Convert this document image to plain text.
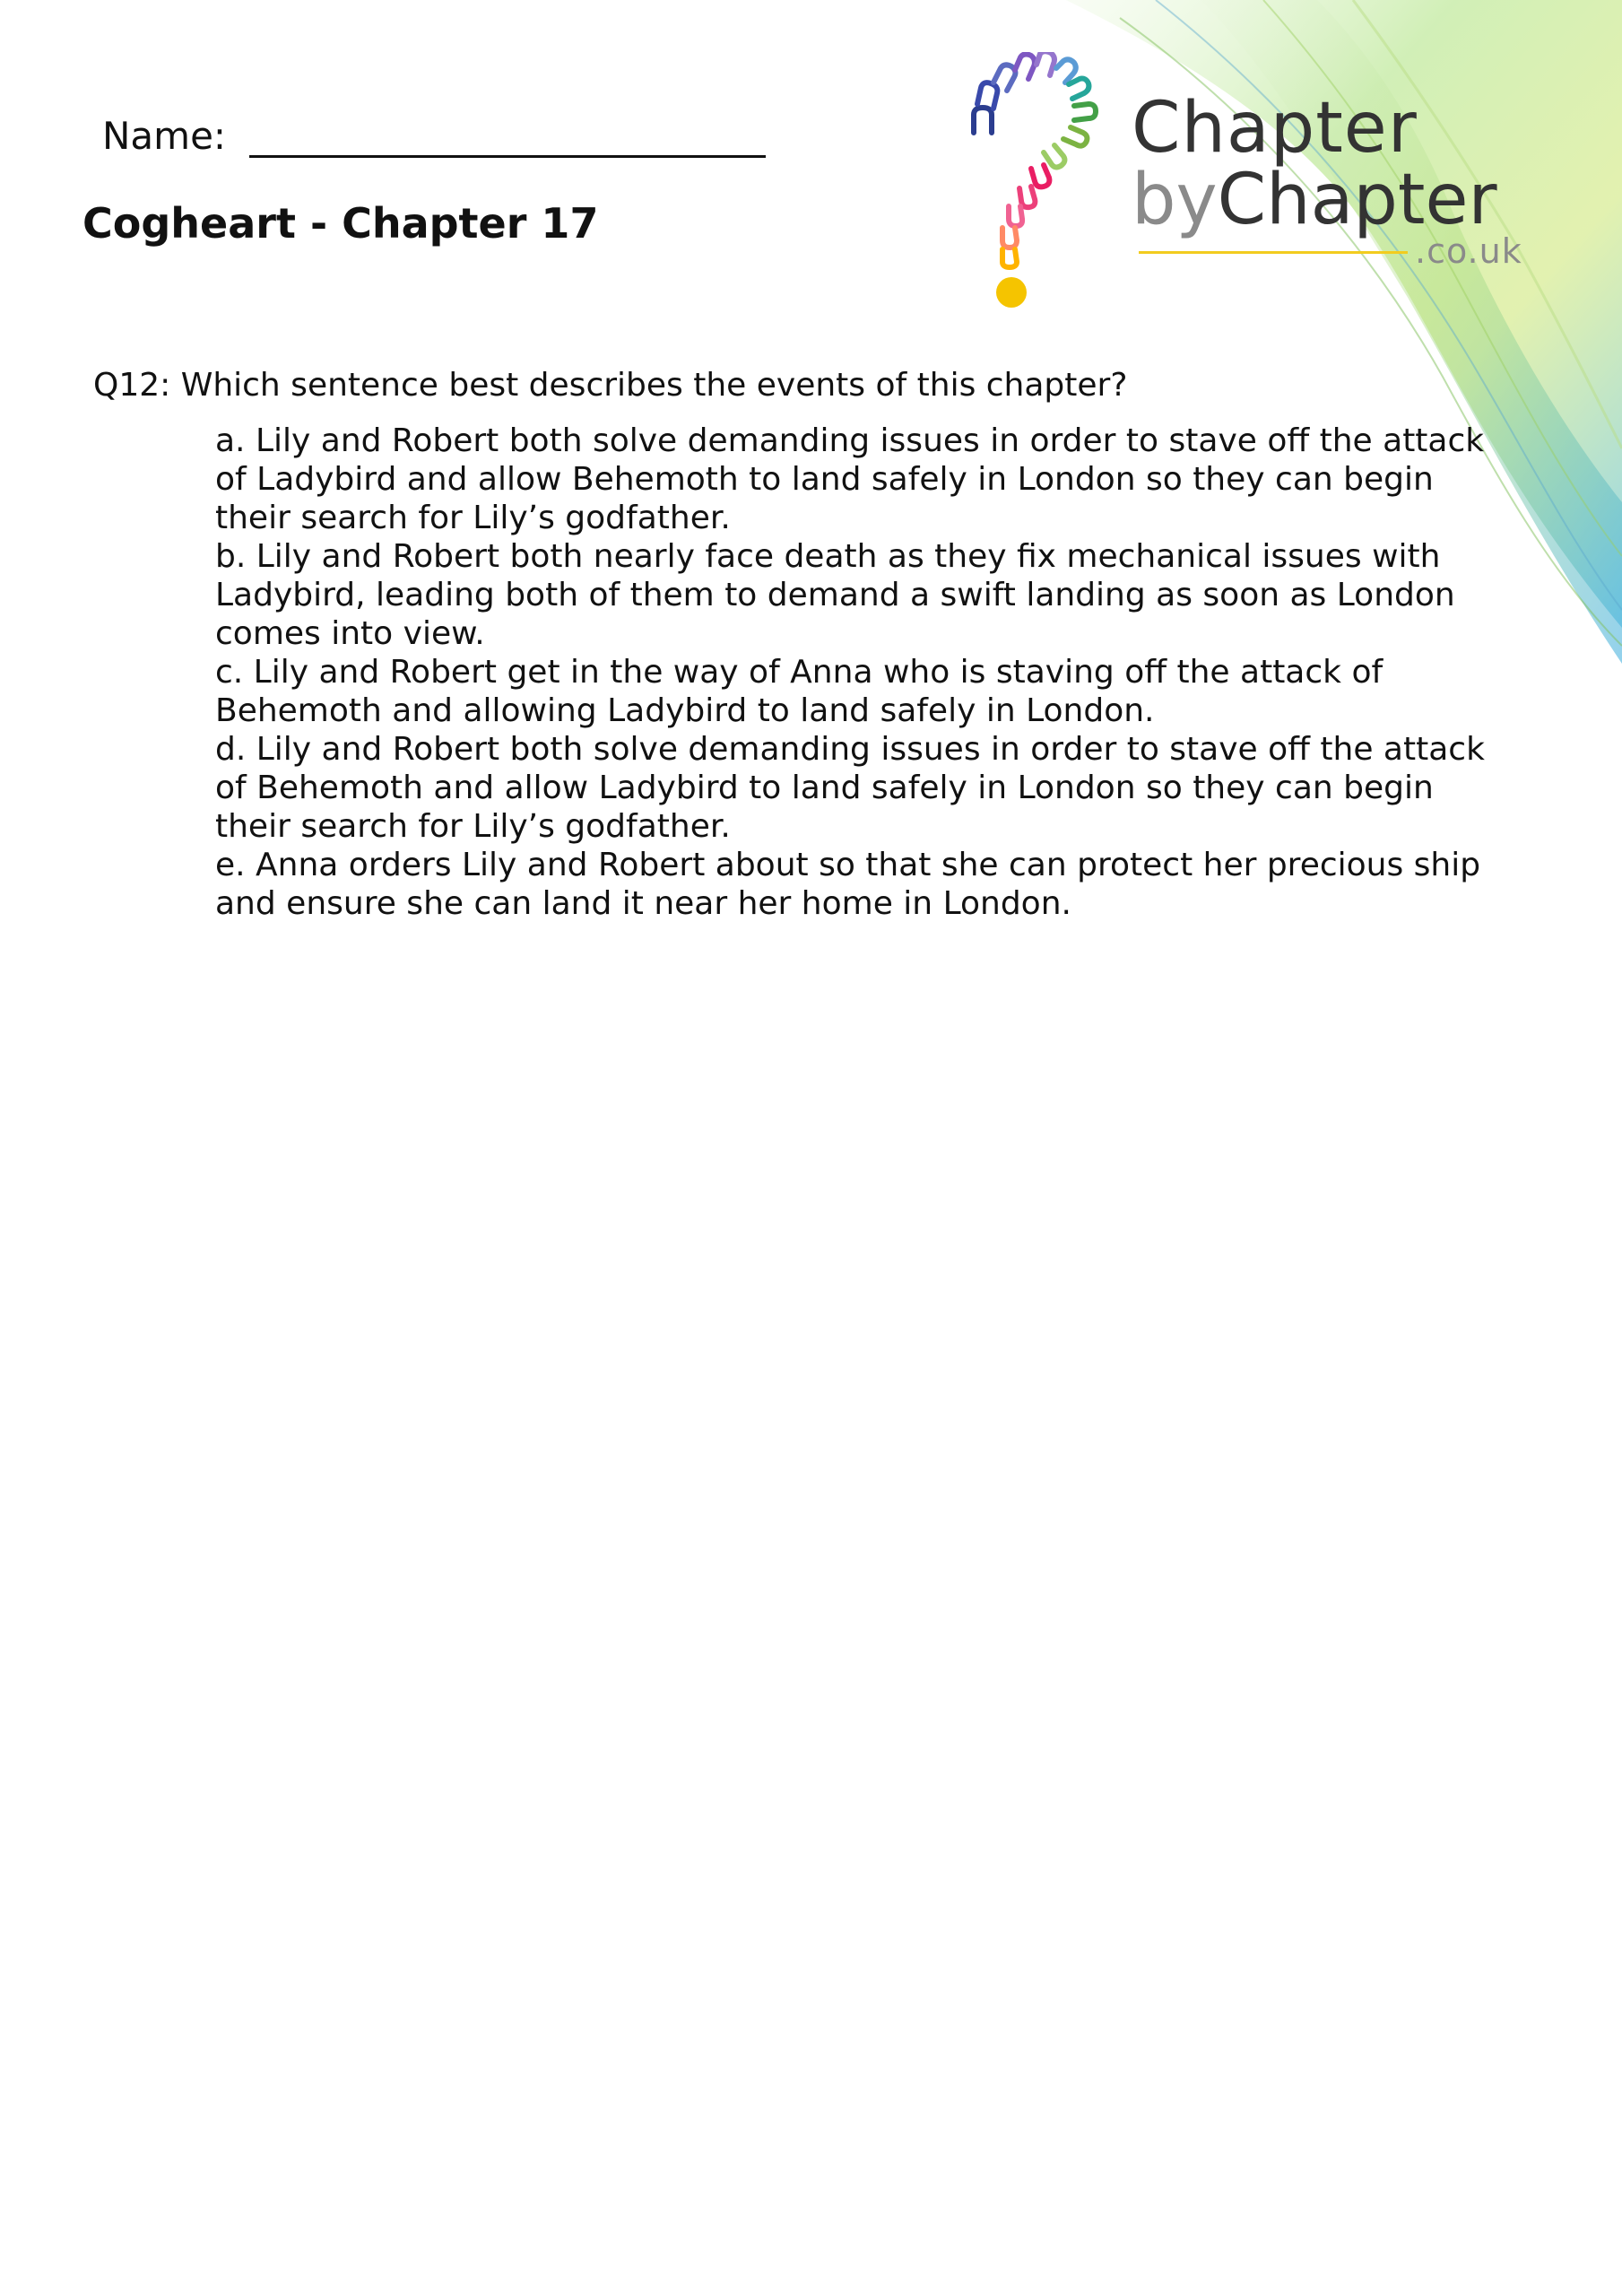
Name:
Cogheart - Chapter 17
Chapter
byChapter
.co.uk

Q12: Which sentence best describes the events of this chapter?

a. Lily and Robert both solve demanding issues in order to stave off the attack of Ladybird and allow Behemoth to land safely in London so they can begin their search for Lily’s godfather.
b. Lily and Robert both nearly face death as they fix mechanical issues with Ladybird, leading both of them to demand a swift landing as soon as London comes into view.
c. Lily and Robert get in the way of Anna who is staving off the attack of Behemoth and allowing Ladybird to land safely in London.
d. Lily and Robert both solve demanding issues in order to stave off the attack of Behemoth and allow Ladybird to land safely in London so they can begin their search for Lily’s godfather.
e. Anna orders Lily and Robert about so that she can protect her precious ship and ensure she can land it near her home in London.
